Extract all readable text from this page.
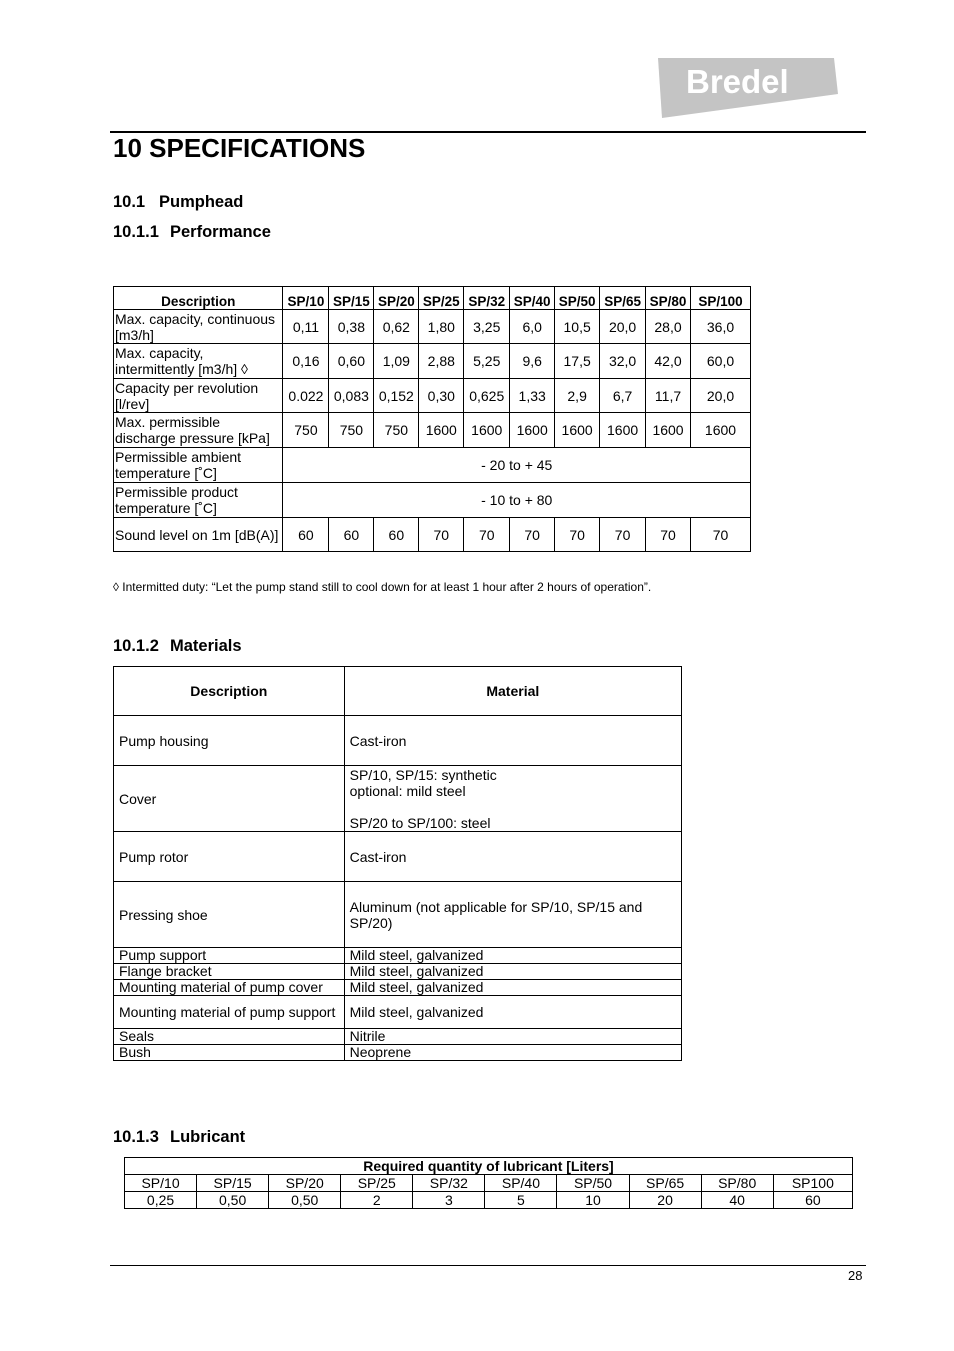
Bredel
10 SPECIFICATIONS
10.1 Pumphead
10.1.1 Performance
Description	SP/10	SP/15	SP/20	SP/25	SP/32	SP/40	SP/50	SP/65	SP/80	SP/100
Max. capacity, continuous [m3/h]	0,11	0,38	0,62	1,80	3,25	6,0	10,5	20,0	28,0	36,0
Max. capacity, intermittently [m3/h] ◊	0,16	0,60	1,09	2,88	5,25	9,6	17,5	32,0	42,0	60,0
Capacity per revolution [l/rev]	0.022	0,083	0,152	0,30	0,625	1,33	2,9	6,7	11,7	20,0
Max. permissible discharge pressure [kPa]	750	750	750	1600	1600	1600	1600	1600	1600	1600
Permissible ambient temperature [˚C]	- 20 to + 45									
Permissible product temperature [˚C]	- 10 to + 80									
Sound level on 1m [dB(A)]	60	60	60	70	70	70	70	70	70	70
◊ Intermitted duty: “Let the pump stand still to cool down for at least 1 hour after 2 hours of operation”.
10.1.2 Materials
Description	Material
Pump housing	Cast-iron

Cover	SP/10, SP/15: synthetic
optional: mild steel
SP/20 to SP/100: steel

Pump rotor	Cast-iron

Pressing shoe	Aluminum (not applicable for SP/10, SP/15 and SP/20)

Pump support	Mild steel, galvanized

Flange bracket	Mild steel, galvanized

Mounting material of pump cover	Mild steel, galvanized

Mounting material of pump support	Mild steel, galvanized

Seals	Nitrile

Bush	Neoprene
10.1.3 Lubricant
Required quantity of lubricant [Liters]									
SP/10	SP/15	SP/20	SP/25	SP/32	SP/40	SP/50	SP/65	SP/80	SP100
0,25	0,50	0,50	2	3	5	10	20	40	60
28
